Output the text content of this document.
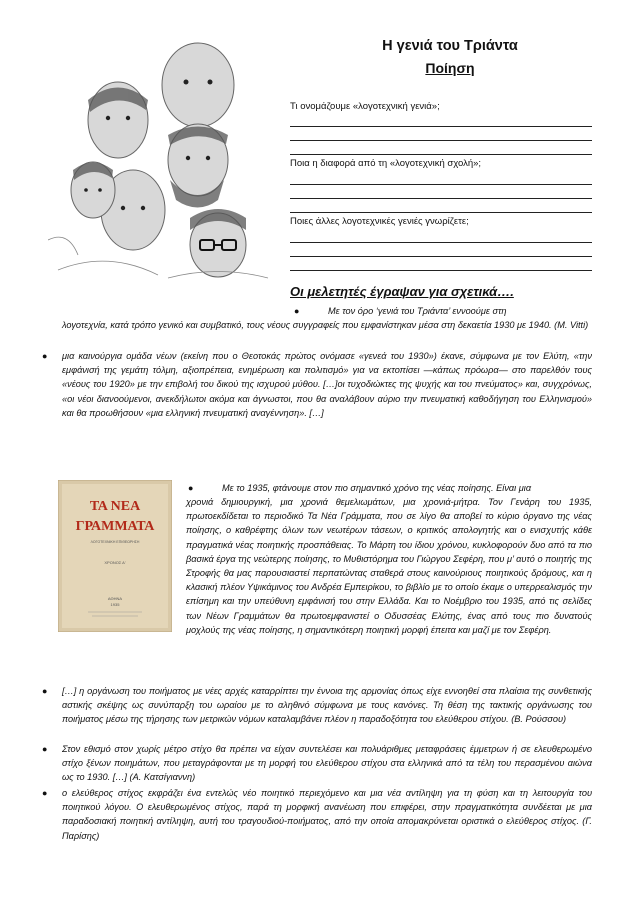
Η γενιά του Τριάντα
Ποίηση
Τι ονομάζουμε «λογοτεχνική γενιά»;
Ποια η διαφορά από τη «λογοτεχνική σχολή»;
Ποιες άλλες λογοτεχνικές γενιές γνωρίζετε;
Οι μελετητές έγραψαν για σχετικά….
●	Με τον όρο ‘γενιά του Τριάντα’ εννοούμε στη
λογοτεχνία, κατά τρόπο γενικό και συμβατικό, τους νέους συγγραφείς που εμφανίστηκαν μέσα στη δεκαετία 1930 με 1940. (M. Vitti)
● μια καινούργια ομάδα νέων (εκείνη που ο Θεοτοκάς πρώτος ονόμασε «γενεά του 1930») έκανε, σύμφωνα με τον Ελύτη, «την εμφάνισή της γεμάτη τόλμη, αξιοπρέπεια, ενημέρωση και πολιτισμό» για να εκτοπίσει —κάπως πρόωρα— στο παρελθόν τους «νέους του 1920» με την επιβολή του δικού της ισχυρού μύθου. […]οι τυχοδιώκτες της ψυχής και του πνεύματος» και, συγχρόνως, «οι νέοι διανοούμενοι, ανεκδήλωτοι ακόμα και άγνωστοι, που θα αναλάβουν αύριο την πνευματική καθοδήγηση του Ελληνισμού» και θα προωθήσουν «μια ελληνική πνευματική αναγέννηση». […]
ΤΑ ΝΕΑ
ΓΡΑΜΜΑΤΑ
ΛΟΓΟΤΕΧΝΙΚΗ ΕΠΙΘΕΩΡΗΣΗ
ΧΡΟΝΟΣ Α'
ΑΘΗΝΑ
1935
●	Με το 1935, φτάνουμε στον πιο σημαντικό χρόνο της νέας ποίησης. Είναι μια
χρονιά δημιουργική, μια χρονιά θεμελιωμάτων, μια χρονιά-μήτρα. Τον Γενάρη του 1935, πρωτοεκδίδεται το περιοδικό Τα Νέα Γράμματα, που σε λίγο θα αποβεί το κύριο όργανο της νέας ποίησης, ο καθρέφτης όλων των νεωτέρων τάσεων, ο κριτικός απολογητής και ο ενισχυτής κάθε πραγματικά νέας ποιητικής προσπάθειας. Το Μάρτη του ίδιου χρόνου, κυκλοφορούν δυο από τα πιο βασικά έργα της νεώτερης ποίησης, το Μυθιστόρημα του Γιώργου Σεφέρη, που μ’ αυτό ο ποιητής της Στροφής θα μας παρουσιαστεί περπατώντας σταθερά στους καινούριους ποιητικούς δρόμους, και η κλασική πλέον Υψικάμινος του Ανδρέα Εμπειρίκου, το βιβλίο με το οποίο έκαμε ο υπερρεαλισμός την επίσημη και την υπεύθυνη εμφάνισή του στην Ελλάδα. Και το Νοέμβριο του 1935, από τις σελίδες των Νέων Γραμμάτων θα πρωτοεμφανιστεί ο Οδυσσέας Ελύτης, ένας από τους πιο δυνατούς μοχλούς της νέας ποίησης, η σημαντικότερη ποιητική μορφή έπειτα και μαζί με τον Σεφέρη.
● […] η οργάνωση του ποιήματος με νέες αρχές καταρρίπτει την έννοια της αρμονίας όπως είχε εννοηθεί στα πλαίσια της συνθετικής αστικής σκέψης ως συνύπαρξη του ωραίου με το αληθινό σύμφωνα με τους κανόνες. Τη θέση της τακτικής οργάνωσης του ποιήματος μέσω της τήρησης των μετρικών νόμων καταλαμβάνει πλέον η παραδοξότητα του ελεύθερου στίχου. (Β. Ρούσσου)
● Στον εθισμό στον χωρίς μέτρο στίχο θα πρέπει να είχαν συντελέσει και πολυάριθμες μεταφράσεις έμμετρων ή σε ελευθερωμένο στίχο ξένων ποιημάτων, που μεταγράφονται με τη μορφή του ελεύθερου στίχου στα ελληνικά από τα τέλη του περασμένου αιώνα ως το 1930. […] (Α. Κατσίγιαννη)
● ο ελεύθερος στίχος εκφράζει ένα εντελώς νέο ποιητικό περιεχόμενο και μια νέα αντίληψη για τη φύση και τη λειτουργία του ποιητικού λόγου. Ο ελευθερωμένος στίχος, παρά τη μορφική ανανέωση που επιφέρει, στην πραγματικότητα συνδέεται με μια παραδοσιακή ποιητική αντίληψη, αυτή του τραγουδιού-ποιήματος, από την οποία απομακρύνεται οριστικά ο ελεύθερος στίχος. (Γ. Παρίσης)
